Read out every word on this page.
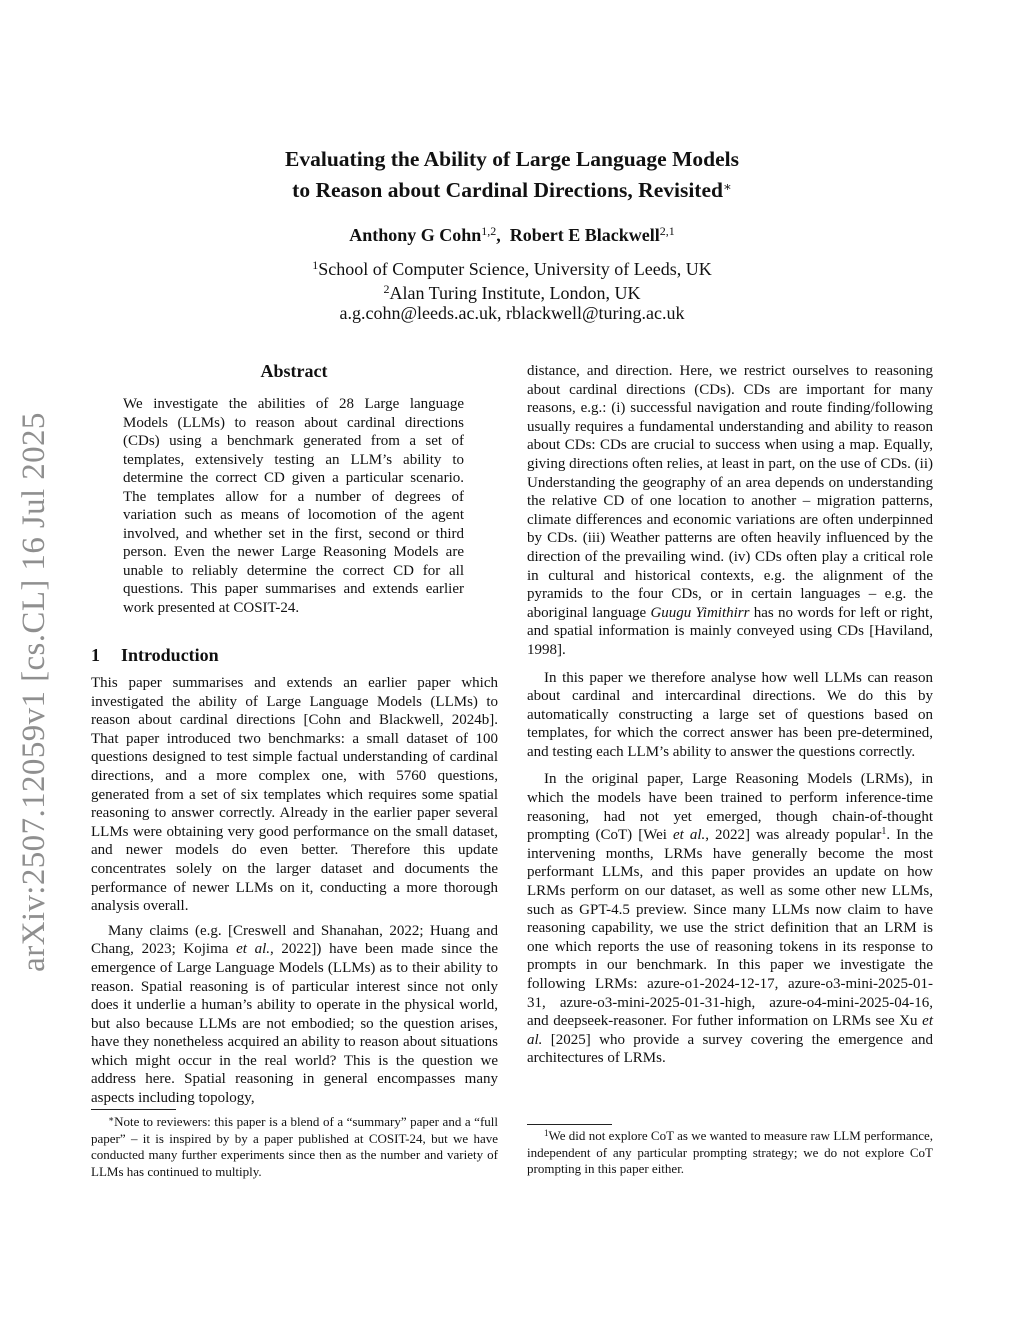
arXiv:2507.12059v1 [cs.CL] 16 Jul 2025
Evaluating the Ability of Large Language Models
to Reason about Cardinal Directions, Revisited∗
Anthony G Cohn$^{1,2}$, Robert E Blackwell$^{2,1}$
$^1$School of Computer Science, University of Leeds, UK
$^2$Alan Turing Institute, London, UK
a.g.cohn@leeds.ac.uk, rblackwell@turing.ac.uk
Abstract
We investigate the abilities of 28 Large language Models (LLMs) to reason about cardinal directions (CDs) using a benchmark generated from a set of templates, extensively testing an LLM’s ability to determine the correct CD given a particular scenario. The templates allow for a number of degrees of variation such as means of locomotion of the agent involved, and whether set in the first, second or third person. Even the newer Large Reasoning Models are unable to reliably determine the correct CD for all questions. This paper summarises and extends earlier work presented at COSIT-24.
1 Introduction

This paper summarises and extends an earlier paper which investigated the ability of Large Language Models (LLMs) to reason about cardinal directions [Cohn and Blackwell, 2024b]. That paper introduced two benchmarks: a small dataset of 100 questions designed to test simple factual understanding of cardinal directions, and a more complex one, with 5760 questions, generated from a set of six templates which requires some spatial reasoning to answer correctly. Already in the earlier paper several LLMs were obtaining very good performance on the small dataset, and newer models do even better. Therefore this update concentrates solely on the larger dataset and documents the performance of newer LLMs on it, conducting a more thorough analysis overall.

Many claims (e.g. [Creswell and Shanahan, 2022; Huang and Chang, 2023; Kojima et al., 2022]) have been made since the emergence of Large Language Models (LLMs) as to their ability to reason. Spatial reasoning is of particular interest since not only does it underlie a human’s ability to operate in the physical world, but also because LLMs are not embodied; so the question arises, have they nonetheless acquired an ability to reason about situations which might occur in the real world? This is the question we address here. Spatial reasoning in general encompasses many aspects including topology,

distance, and direction. Here, we restrict ourselves to reasoning about cardinal directions (CDs). CDs are important for many reasons, e.g.: (i) successful navigation and route finding/following usually requires a fundamental understanding and ability to reason about CDs: CDs are crucial to success when using a map. Equally, giving directions often relies, at least in part, on the use of CDs. (ii) Understanding the geography of an area depends on understanding the relative CD of one location to another – migration patterns, climate differences and economic variations are often underpinned by CDs. (iii) Weather patterns are often heavily influenced by the direction of the prevailing wind. (iv) CDs often play a critical role in cultural and historical contexts, e.g. the alignment of the pyramids to the four CDs, or in certain languages – e.g. the aboriginal language Guugu Yimithirr has no words for left or right, and spatial information is mainly conveyed using CDs [Haviland, 1998].

In this paper we therefore analyse how well LLMs can reason about cardinal and intercardinal directions. We do this by automatically constructing a large set of questions based on templates, for which the correct answer has been pre-determined, and testing each LLM’s ability to answer the questions correctly.

In the original paper, Large Reasoning Models (LRMs), in which the models have been trained to perform inference-time reasoning, had not yet emerged, though chain-of-thought prompting (CoT) [Wei et al., 2022] was already popular$^1$. In the intervening months, LRMs have generally become the most performant LLMs, and this paper provides an update on how LRMs perform on our dataset, as well as some other new LLMs, such as GPT-4.5 preview. Since many LLMs now claim to have reasoning capability, we use the strict definition that an LRM is one which reports the use of reasoning tokens in its response to prompts in our benchmark. In this paper we investigate the following LRMs: azure-o1-2024-12-17, azure-o3-mini-2025-01-31, azure-o3-mini-2025-01-31-high, azure-o4-mini-2025-04-16, and deepseek-reasoner. For futher information on LRMs see Xu et al. [2025] who provide a survey covering the emergence and architectures of LRMs.

∗Note to reviewers: this paper is a blend of a “summary” paper and a “full paper” – it is inspired by by a paper published at COSIT-24, but we have conducted many further experiments since then as the number and variety of LLMs has continued to multiply.
$^1$We did not explore CoT as we wanted to measure raw LLM performance, independent of any particular prompting strategy; we do not explore CoT prompting in this paper either.
